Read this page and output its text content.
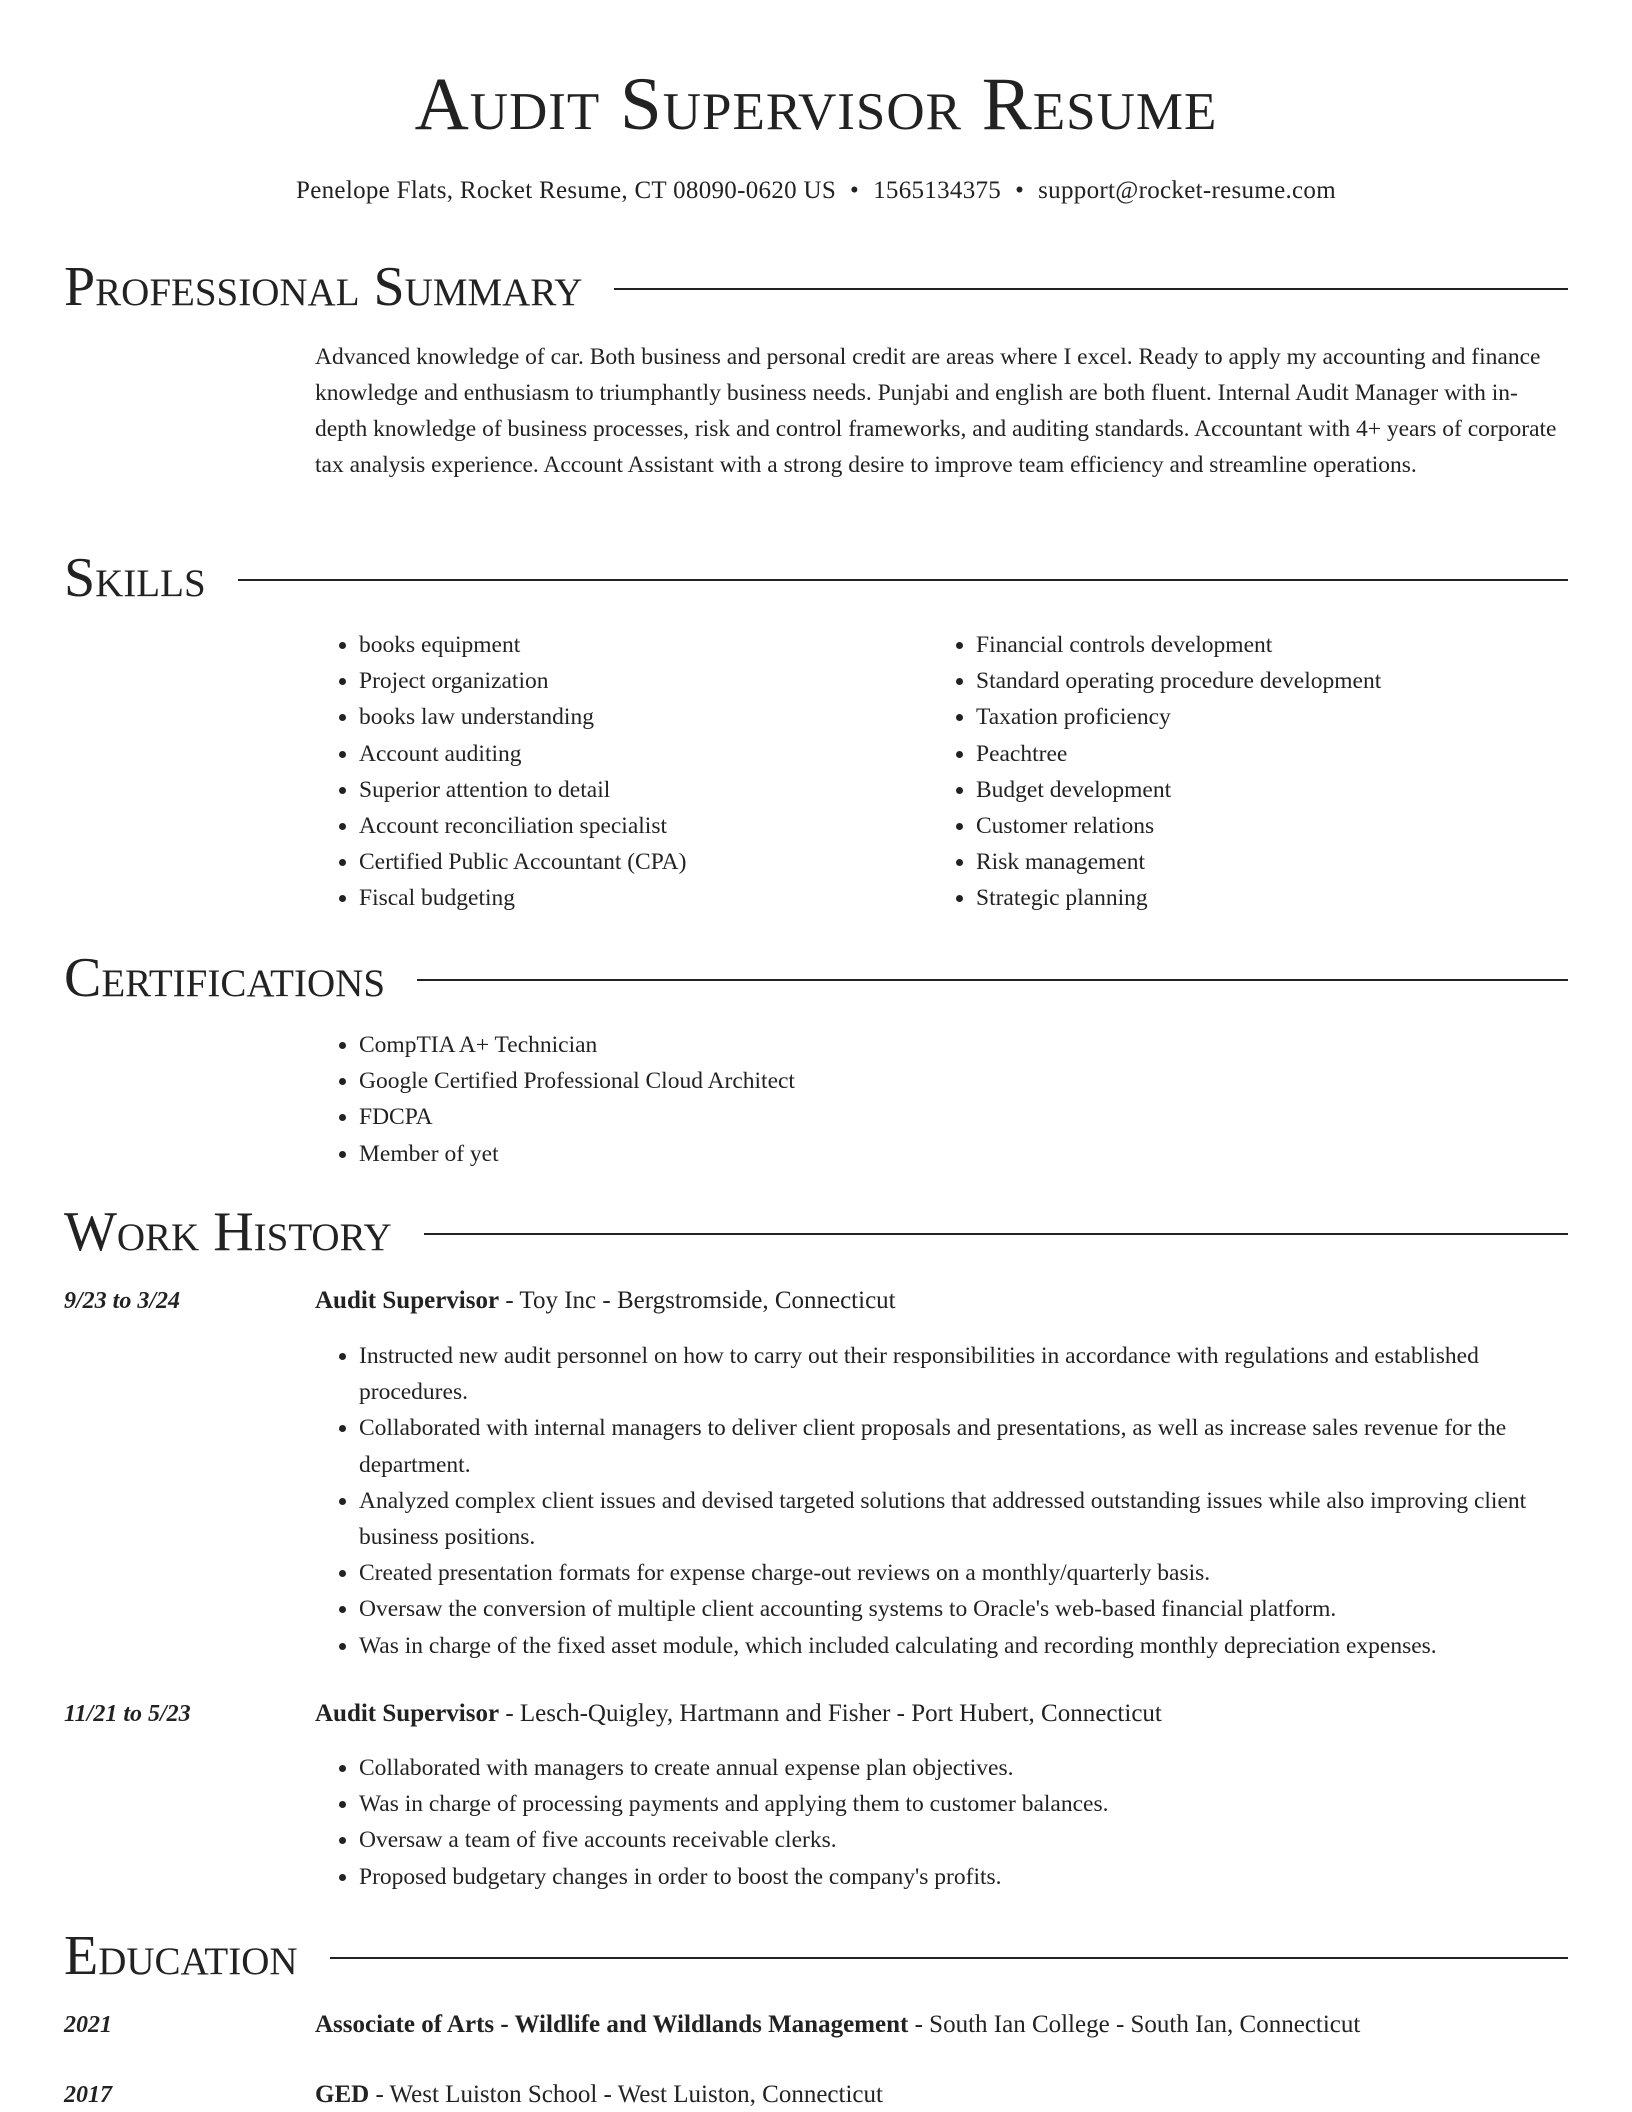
Audit Supervisor Resume
Penelope Flats, Rocket Resume, CT 08090-0620 US • 1565134375 • support@rocket-resume.com
Professional Summary

Advanced knowledge of car. Both business and personal credit are areas where I excel. Ready to apply my accounting and finance knowledge and enthusiasm to triumphantly business needs. Punjabi and english are both fluent. Internal Audit Manager with in-depth knowledge of business processes, risk and control frameworks, and auditing standards. Accountant with 4+ years of corporate tax analysis experience. Account Assistant with a strong desire to improve team efficiency and streamline operations.

Skills
• books equipment
• Project organization
• books law understanding
• Account auditing
• Superior attention to detail
• Account reconciliation specialist
• Certified Public Accountant (CPA)
• Fiscal budgeting
• Financial controls development
• Standard operating procedure development
• Taxation proficiency
• Peachtree
• Budget development
• Customer relations
• Risk management
• Strategic planning
Certifications
• CompTIA A+ Technician
• Google Certified Professional Cloud Architect
• FDCPA
• Member of yet
Work History
9/23 to 3/24	Audit Supervisor - Toy Inc - Bergstromside, Connecticut
• Instructed new audit personnel on how to carry out their responsibilities in accordance with regulations and established procedures.
• Collaborated with internal managers to deliver client proposals and presentations, as well as increase sales revenue for the department.
• Analyzed complex client issues and devised targeted solutions that addressed outstanding issues while also improving client business positions.
• Created presentation formats for expense charge-out reviews on a monthly/quarterly basis.
• Oversaw the conversion of multiple client accounting systems to Oracle's web-based financial platform.
• Was in charge of the fixed asset module, which included calculating and recording monthly depreciation expenses.
11/21 to 5/23	Audit Supervisor - Lesch-Quigley, Hartmann and Fisher - Port Hubert, Connecticut
• Collaborated with managers to create annual expense plan objectives.
• Was in charge of processing payments and applying them to customer balances.
• Oversaw a team of five accounts receivable clerks.
• Proposed budgetary changes in order to boost the company's profits.
Education
2021	Associate of Arts - Wildlife and Wildlands Management - South Ian College - South Ian, Connecticut
2017	GED - West Luiston School - West Luiston, Connecticut
